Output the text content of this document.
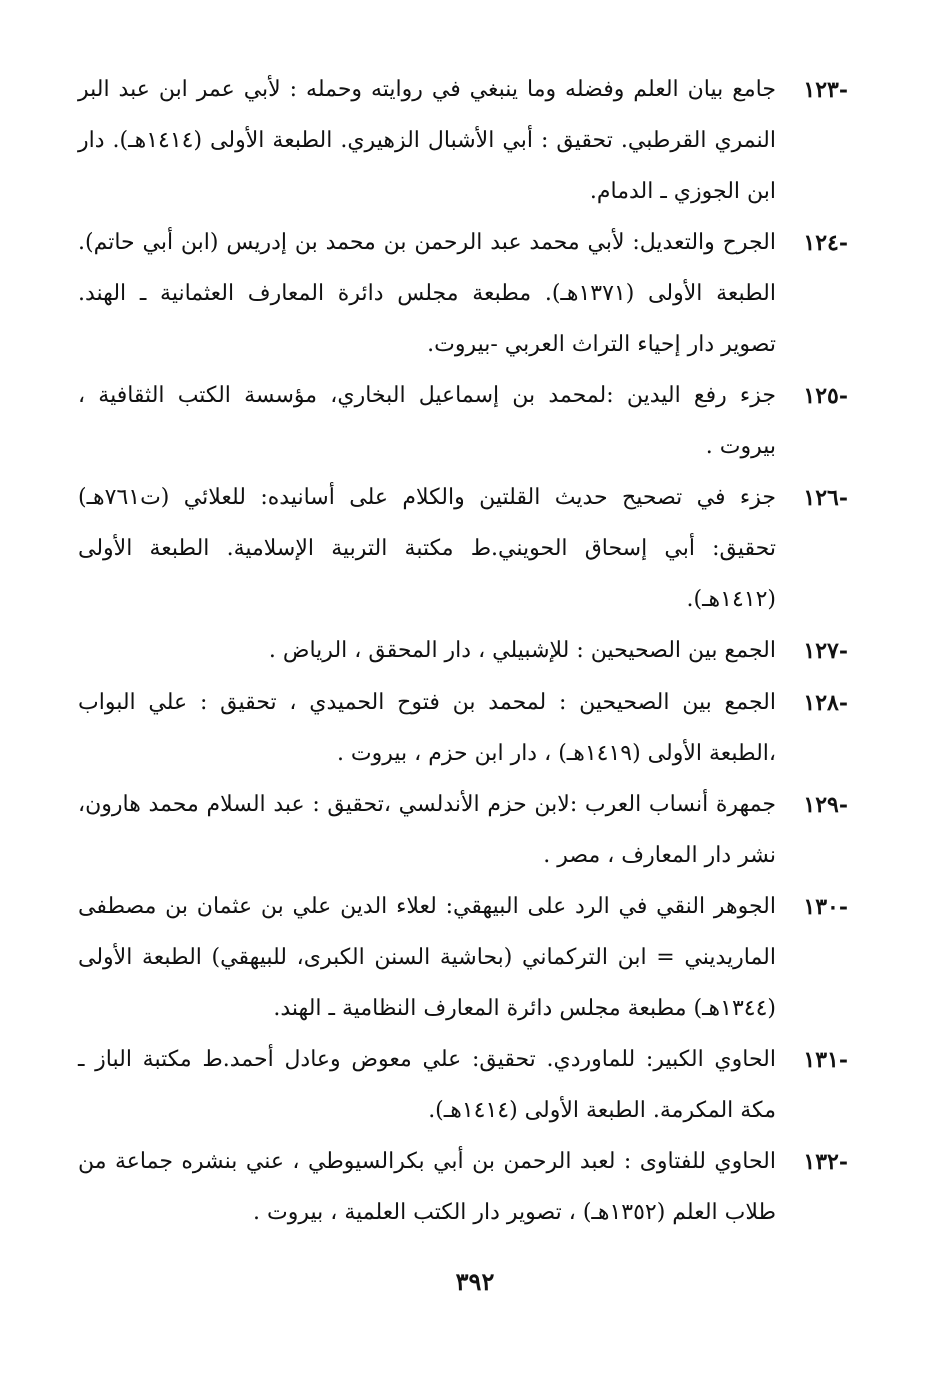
-١٢٣
جامع بيان العلم وفضله وما ينبغي في روايته وحمله : لأبي عمر ابن عبد البر النمري القرطبي. تحقيق : أبي الأشبال الزهيري. الطبعة الأولى (١٤١٤هـ). دار ابن الجوزي ـ الدمام.
-١٢٤
الجرح والتعديل: لأبي محمد عبد الرحمن بن محمد بن إدريس (ابن أبي حاتم). الطبعة الأولى (١٣٧١هـ). مطبعة مجلس دائرة المعارف العثمانية ـ الهند. تصوير دار إحياء التراث العربي -بيروت.
-١٢٥
جزء رفع اليدين :لمحمد بن إسماعيل البخاري، مؤسسة الكتب الثقافية ، بيروت .
-١٢٦
جزء في تصحيح حديث القلتين والكلام على أسانيده: للعلائي (ت٧٦١هـ) تحقيق: أبي إسحاق الحويني.ط مكتبة التربية الإسلامية. الطبعة الأولى (١٤١٢هـ).
-١٢٧
الجمع بين الصحيحين : للإشبيلي ، دار المحقق ، الرياض .
-١٢٨
الجمع بين الصحيحين : لمحمد بن فتوح الحميدي ، تحقيق : علي البواب ،الطبعة الأولى (١٤١٩هـ) ، دار ابن حزم ، بيروت .
-١٢٩
جمهرة أنساب العرب :لابن حزم الأندلسي ،تحقيق : عبد السلام محمد هارون، نشر دار المعارف ، مصر .
-١٣٠
الجوهر النقي في الرد على البيهقي: لعلاء الدين علي بن عثمان بن مصطفى الماريديني = ابن التركماني (بحاشية السنن الكبرى، للبيهقي) الطبعة الأولى (١٣٤٤هـ) مطبعة مجلس دائرة المعارف النظامية ـ الهند.
-١٣١
الحاوي الكبير: للماوردي. تحقيق: علي معوض وعادل أحمد.ط مكتبة الباز ـ مكة المكرمة. الطبعة الأولى (١٤١٤هـ).
-١٣٢
الحاوي للفتاوى : لعبد الرحمن بن أبي بكرالسيوطي ، عني بنشره جماعة من طلاب العلم (١٣٥٢هـ) ، تصوير دار الكتب العلمية ، بيروت .
٣٩٢
